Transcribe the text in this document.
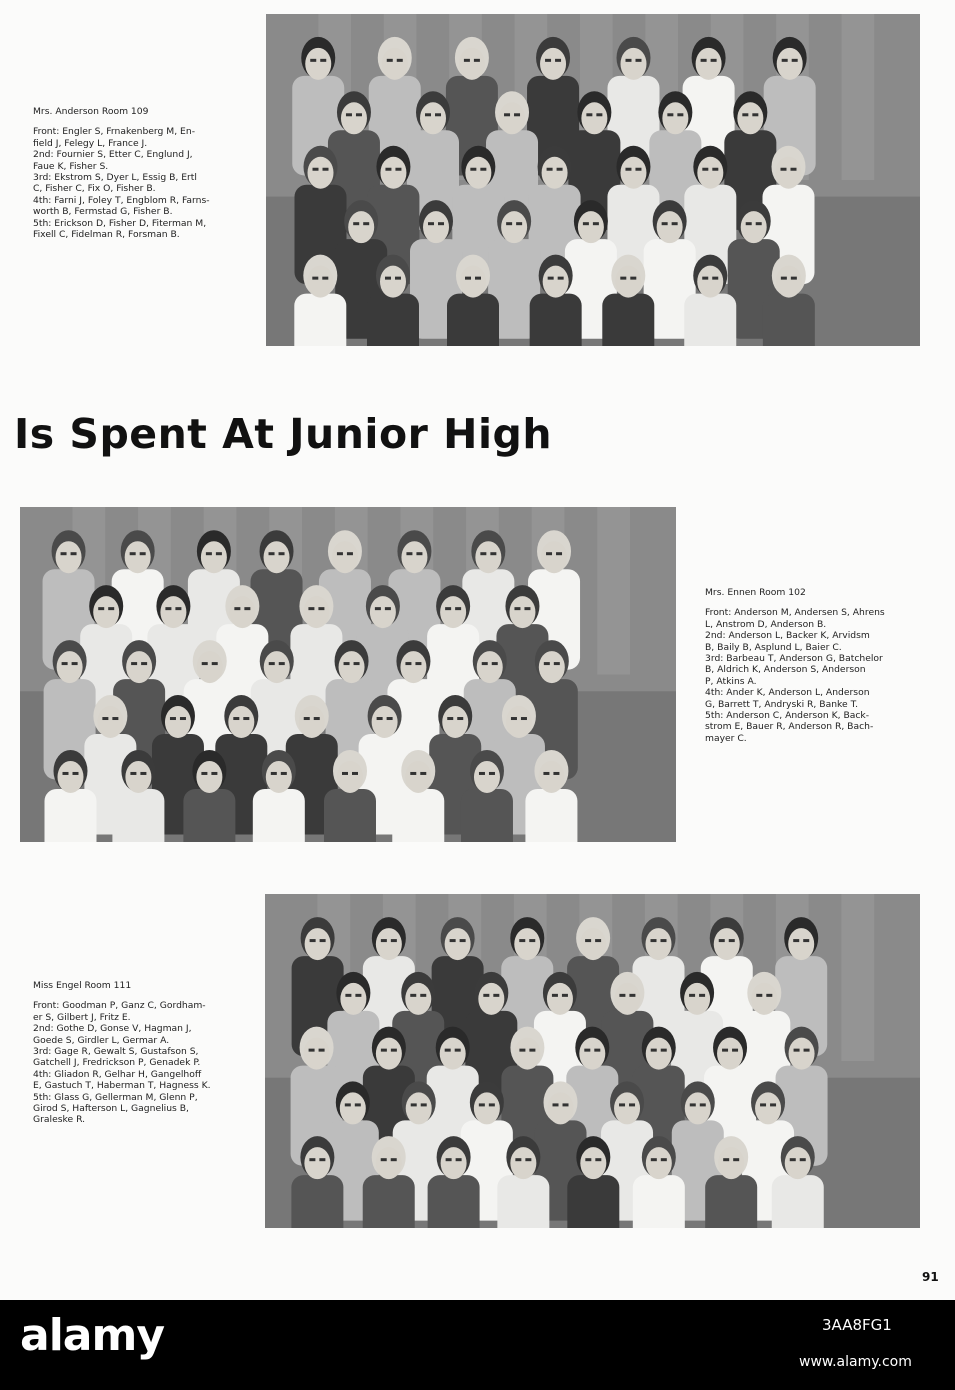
Mrs. Anderson Room 109
Front: Engler S, Frnakenberg M, En-
field J, Felegy L, France J.
2nd: Fournier S, Etter C, Englund J,
Faue K, Fisher S.
3rd: Ekstrom S, Dyer L, Essig B, Ertl
C, Fisher C, Fix O, Fisher B.
4th: Farni J, Foley T, Engblom R, Farns-
worth B, Fermstad G, Fisher B.
5th: Erickson D, Fisher D, Fiterman M,
Fixell C, Fidelman R, Forsman B.
Is Spent At Junior High
Mrs. Ennen Room 102
Front: Anderson M, Andersen S, Ahrens
L, Anstrom D, Anderson B.
2nd: Anderson L, Backer K, Arvidsm
B, Baily B, Asplund L, Baier C.
3rd: Barbeau T, Anderson G, Batchelor
B, Aldrich K, Anderson S, Anderson
P, Atkins A.
4th: Ander K, Anderson L, Anderson
G, Barrett T, Andryski R, Banke T.
5th: Anderson C, Anderson K, Back-
strom E, Bauer R, Anderson R, Bach-
mayer C.
Miss Engel Room 111
Front: Goodman P, Ganz C, Gordham-
er S, Gilbert J, Fritz E.
2nd: Gothe D, Gonse V, Hagman J,
Goede S, Girdler L, Germar A.
3rd: Gage R, Gewalt S, Gustafson S,
Gatchell J, Fredrickson P, Genadek P.
4th: Gliadon R, Gelhar H, Gangelhoff
E, Gastuch T, Haberman T, Hagness K.
5th: Glass G, Gellerman M, Glenn P,
Girod S, Hafterson L, Gagnelius B,
Graleske R.
91
alamy	3AA8FG1
www.alamy.com
